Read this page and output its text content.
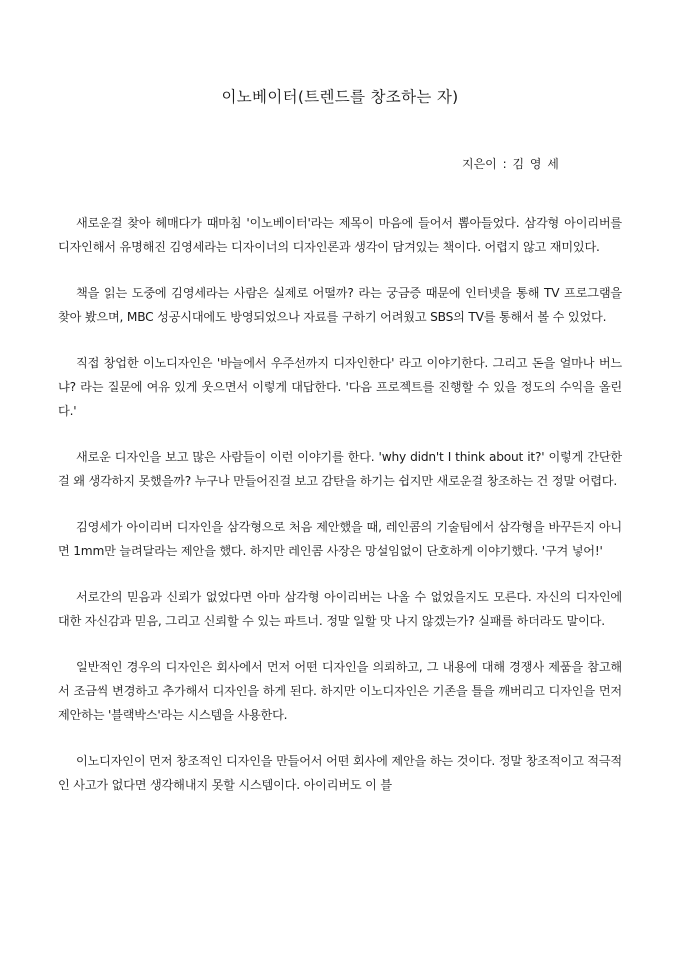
이노베이터(트렌드를 창조하는 자)
지은이 : 김 영 세

새로운걸 찾아 헤매다가 때마침 '이노베이터'라는 제목이 마음에 들어서 뽑아들었다. 삼각형 아이리버를 디자인해서 유명해진 김영세라는 디자이너의 디자인론과 생각이 담겨있는 책이다. 어렵지 않고 재미있다.

책을 읽는 도중에 김영세라는 사람은 실제로 어떨까? 라는 궁금증 때문에 인터넷을 통해 TV 프로그램을 찾아 봤으며, MBC 성공시대에도 방영되었으나 자료를 구하기 어려웠고 SBS의 TV를 통해서 볼 수 있었다.

직접 창업한 이노디자인은 '바늘에서 우주선까지 디자인한다' 라고 이야기한다. 그리고 돈을 얼마나 버느냐? 라는 질문에 여유 있게 웃으면서 이렇게 대답한다. '다음 프로젝트를 진행할 수 있을 정도의 수익을 올린다.'

새로운 디자인을 보고 많은 사람들이 이런 이야기를 한다. 'why didn't I think about it?' 이렇게 간단한걸 왜 생각하지 못했을까? 누구나 만들어진걸 보고 감탄을 하기는 쉽지만 새로운걸 창조하는 건 정말 어렵다.

김영세가 아이리버 디자인을 삼각형으로 처음 제안했을 때, 레인콤의 기술팀에서 삼각형을 바꾸든지 아니면 1mm만 늘려달라는 제안을 했다. 하지만 레인콤 사장은 망설임없이 단호하게 이야기했다. '구겨 넣어!'

서로간의 믿음과 신뢰가 없었다면 아마 삼각형 아이리버는 나올 수 없었을지도 모른다. 자신의 디자인에 대한 자신감과 믿음, 그리고 신뢰할 수 있는 파트너. 정말 일할 맛 나지 않겠는가? 실패를 하더라도 말이다.

일반적인 경우의 디자인은 회사에서 먼저 어떤 디자인을 의뢰하고, 그 내용에 대해 경쟁사 제품을 참고해서 조금씩 변경하고 추가해서 디자인을 하게 된다. 하지만 이노디자인은 기존을 틀을 깨버리고 디자인을 먼저 제안하는 '블랙박스'라는 시스템을 사용한다.

이노디자인이 먼저 창조적인 디자인을 만들어서 어떤 회사에 제안을 하는 것이다. 정말 창조적이고 적극적인 사고가 없다면 생각해내지 못할 시스템이다. 아이리버도 이 블
